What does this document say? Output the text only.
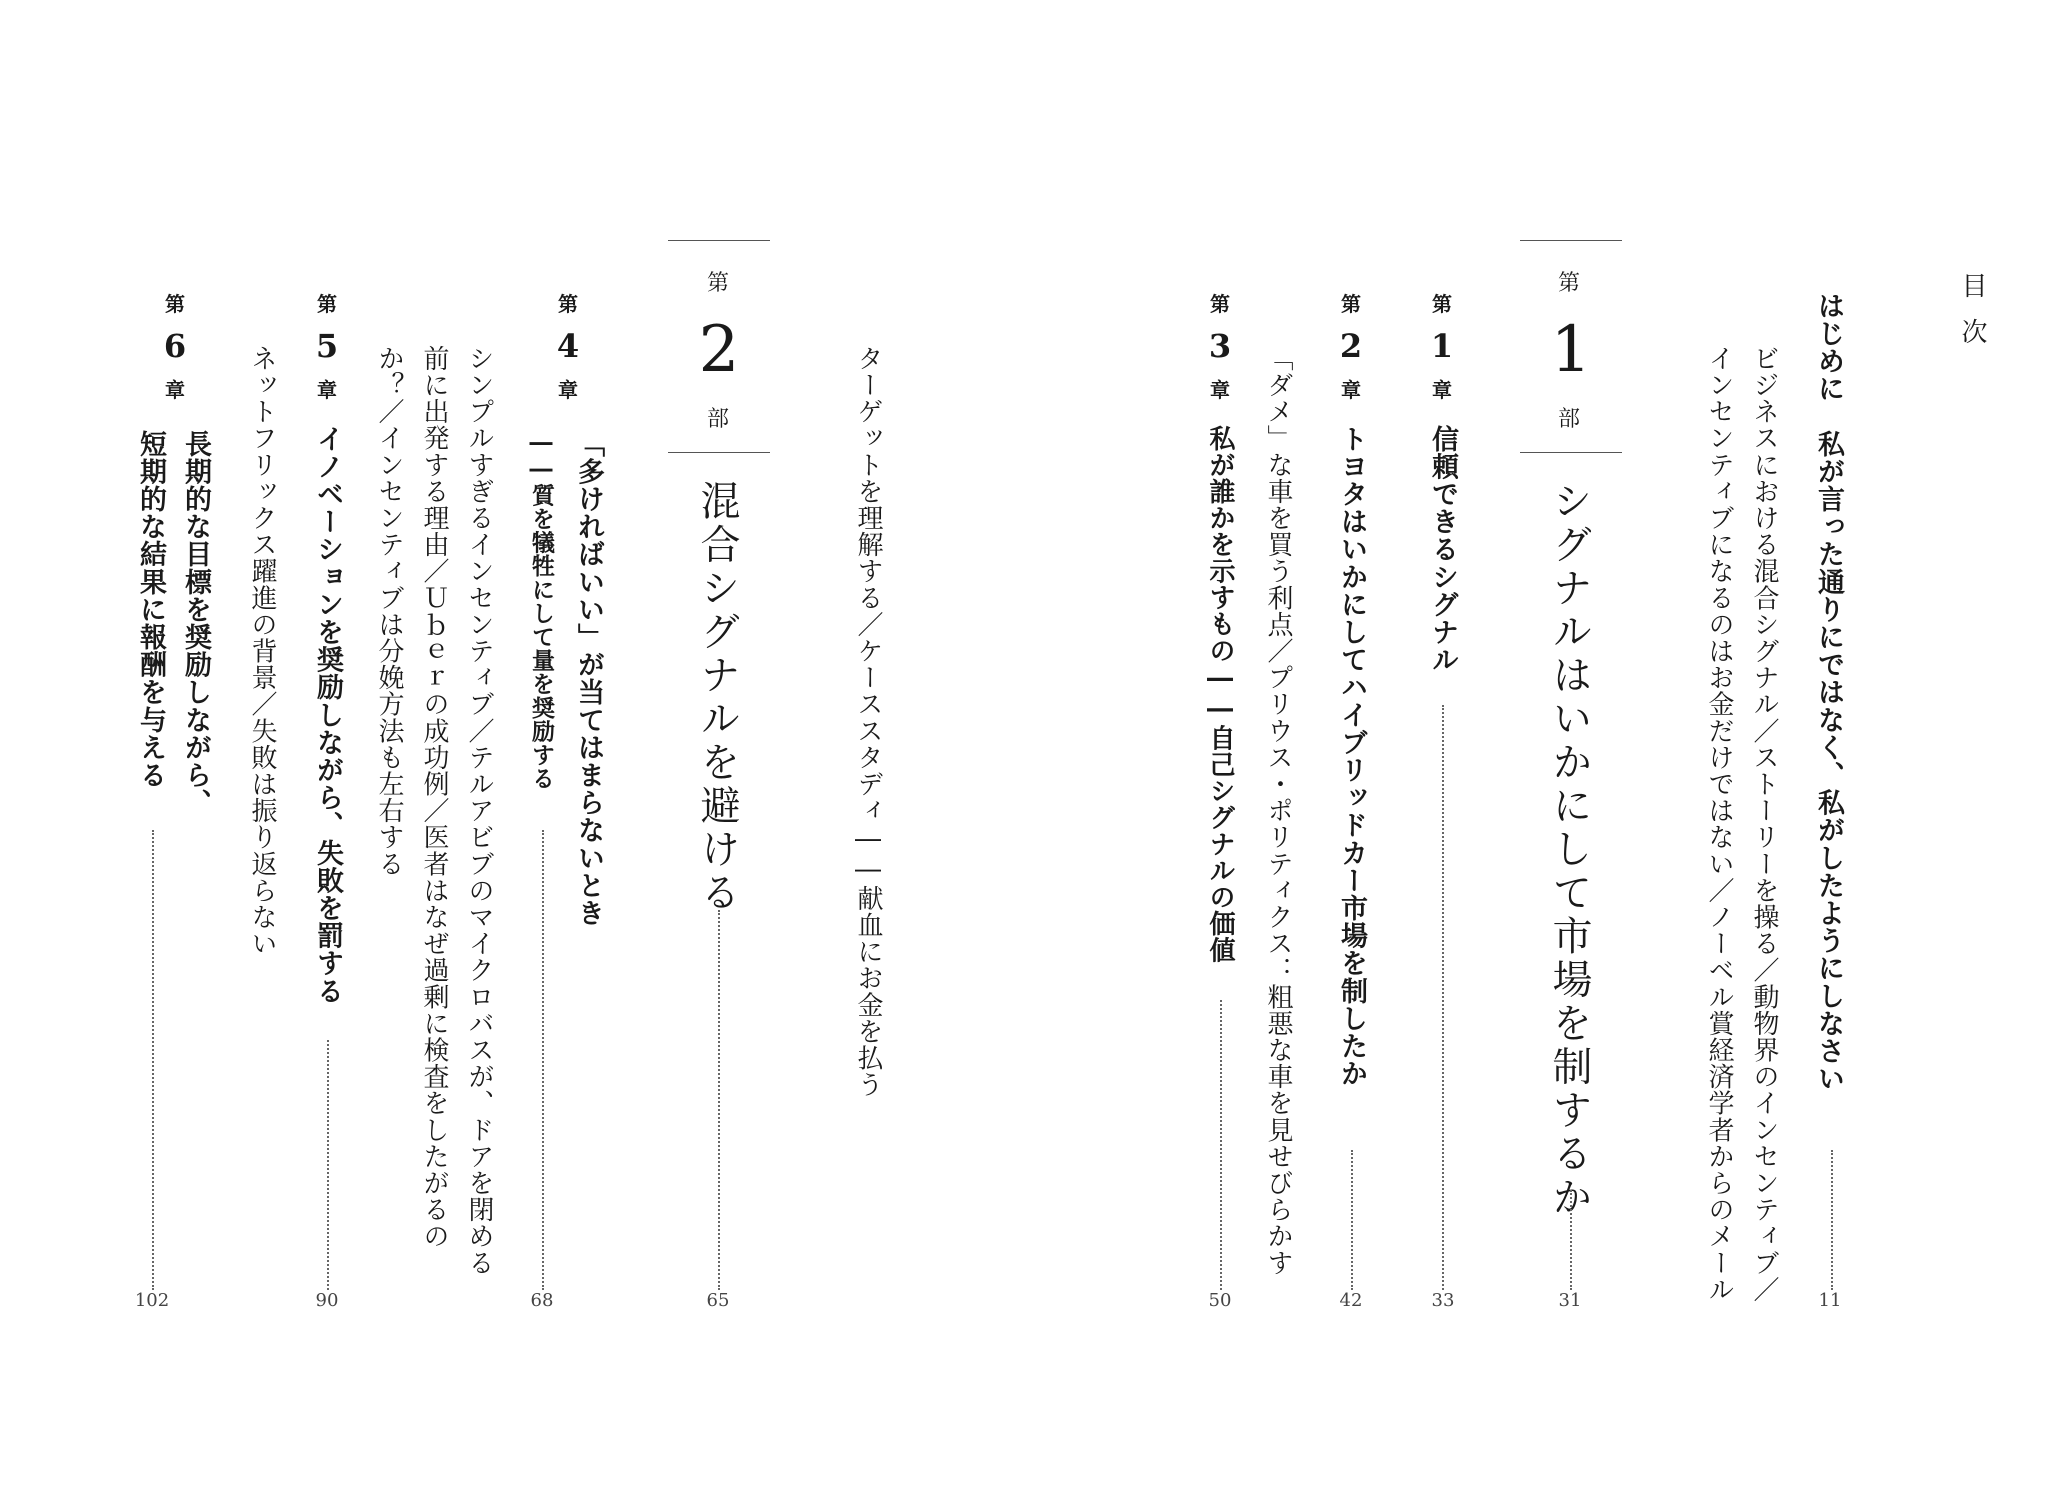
目次
はじめに　私が言った通りにではなく、私がしたようにしなさい
11
ビジネスにおける混合シグナル／ストーリーを操る／動物界のインセンティブ／
インセンティブになるのはお金だけではない／ノーベル賞経済学者からのメール
第
1
部
シグナルはいかにして市場を制するか
31
第
1
章
信頼できるシグナル
33
第
2
章
トヨタはいかにしてハイブリッドカー市場を制したか
42
「ダメ」な車を買う利点／プリウス・ポリティクス：粗悪な車を見せびらかす
第
3
章
私が誰かを示すもの――自己シグナルの価値
50
ターゲットを理解する／ケーススタディ――献血にお金を払う
第
2
部
混合シグナルを避ける
65
第
4
章
「多ければいい」が当てはまらないとき
――質を犠牲にして量を奨励する
68
シンプルすぎるインセンティブ／テルアビブのマイクロバスが、ドアを閉める
前に出発する理由／Ｕｂｅｒの成功例／医者はなぜ過剰に検査をしたがるの
か？／インセンティブは分娩方法も左右する
第
5
章
イノベーションを奨励しながら、失敗を罰する
90
ネットフリックス躍進の背景／失敗は振り返らない
第
6
章
長期的な目標を奨励しながら、
短期的な結果に報酬を与える
102
